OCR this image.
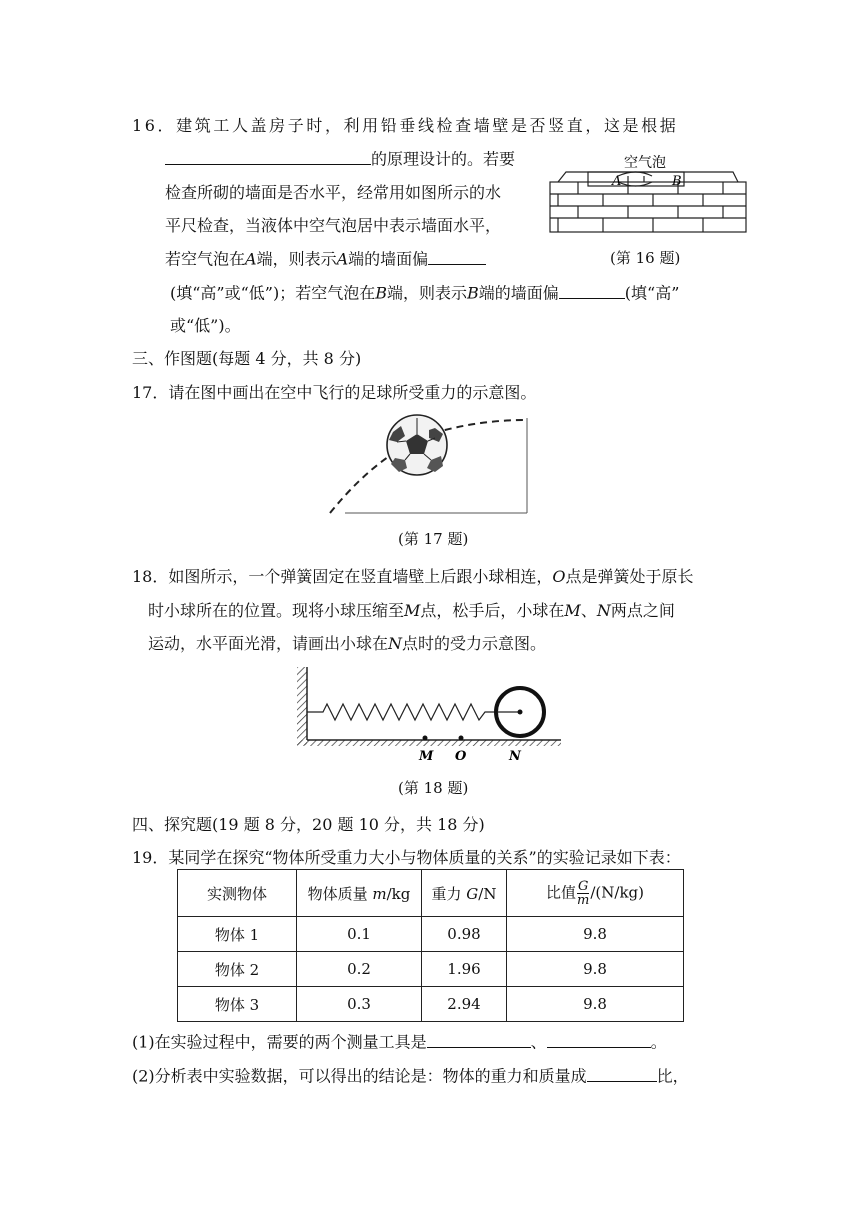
16．建筑工人盖房子时，利用铅垂线检查墙壁是否竖直，这是根据
的原理设计的。若要
检查所砌的墙面是否水平，经常用如图所示的水
平尺检查，当液体中空气泡居中表示墙面水平，
若空气泡在A端，则表示A端的墙面偏	(第 16 题)
(填“高”或“低”)；若空气泡在B端，则表示B端的墙面偏	(填“高”
或“低”)。
空气泡
A	B
三、作图题(每题 4 分，共 8 分)
17．请在图中画出在空中飞行的足球所受重力的示意图。
(第 17 题)
18．如图所示，一个弹簧固定在竖直墙壁上后跟小球相连，O点是弹簧处于原长
时小球所在的位置。现将小球压缩至M点，松手后，小球在M、N两点之间
运动，水平面光滑，请画出小球在N点时的受力示意图。
M O	N
(第 18 题)
四、探究题(19 题 8 分，20 题 10 分，共 18 分)
19．某同学在探究“物体所受重力大小与物体质量的关系”的实验记录如下表：
实测物体	物体质量 m/kg	重力 G/N	比值 $\frac{G}{m} /(N/kg)$
物体 1	0.1	0.98	9.8
物体 2	0.2	1.96	9.8
物体 3	0.3	2.94	9.8
(1)在实验过程中，需要的两个测量工具是	、	。
(2)分析表中实验数据，可以得出的结论是：物体的重力和质量成	比，
